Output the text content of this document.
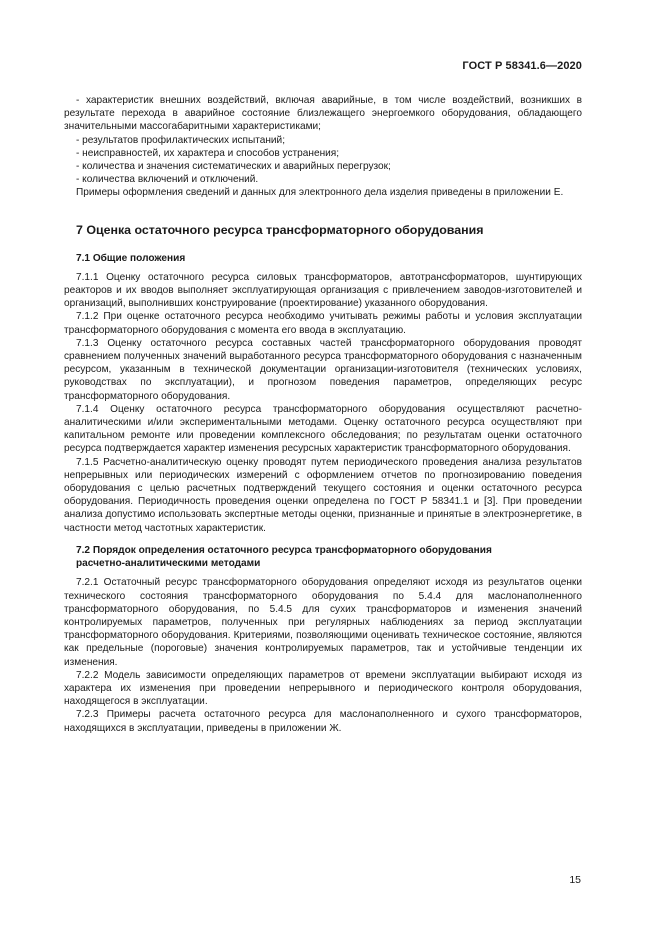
ГОСТ Р 58341.6—2020

- характеристик внешних воздействий, включая аварийные, в том числе воздействий, возникших в результате перехода в аварийное состояние близлежащего энергоемкого оборудования, обладающего значительными массогабаритными характеристиками;

- результатов профилактических испытаний;

- неисправностей, их характера и способов устранения;

- количества и значения систематических и аварийных перегрузок;

- количества включений и отключений.

Примеры оформления сведений и данных для электронного дела изделия приведены в приложении Е.

7 Оценка остаточного ресурса трансформаторного оборудования
7.1 Общие положения

7.1.1 Оценку остаточного ресурса силовых трансформаторов, автотрансформаторов, шунтирующих реакторов и их вводов выполняет эксплуатирующая организация с привлечением заводов-изготовителей и организаций, выполнивших конструирование (проектирование) указанного оборудования.

7.1.2 При оценке остаточного ресурса необходимо учитывать режимы работы и условия эксплуатации трансформаторного оборудования с момента его ввода в эксплуатацию.

7.1.3 Оценку остаточного ресурса составных частей трансформаторного оборудования проводят сравнением полученных значений выработанного ресурса трансформаторного оборудования с назначенным ресурсом, указанным в технической документации организации-изготовителя (технических условиях, руководствах по эксплуатации), и прогнозом поведения параметров, определяющих ресурс трансформаторного оборудования.

7.1.4 Оценку остаточного ресурса трансформаторного оборудования осуществляют расчетно-аналитическими и/или экспериментальными методами. Оценку остаточного ресурса осуществляют при капитальном ремонте или проведении комплексного обследования; по результатам оценки остаточного ресурса подтверждается характер изменения ресурсных характеристик трансформаторного оборудования.

7.1.5 Расчетно-аналитическую оценку проводят путем периодического проведения анализа результатов непрерывных или периодических измерений с оформлением отчетов по прогнозированию поведения оборудования с целью расчетных подтверждений текущего состояния и оценки остаточного ресурса оборудования. Периодичность проведения оценки определена по ГОСТ Р 58341.1 и [3]. При проведении анализа допустимо использовать экспертные методы оценки, признанные и принятые в электроэнергетике, в частности метод частотных характеристик.

7.2 Порядок определения остаточного ресурса трансформаторного оборудования
расчетно-аналитическими методами

7.2.1 Остаточный ресурс трансформаторного оборудования определяют исходя из результатов оценки технического состояния трансформаторного оборудования по 5.4.4 для маслонаполненного трансформаторного оборудования, по 5.4.5 для сухих трансформаторов и изменения значений контролируемых параметров, полученных при регулярных наблюдениях за период эксплуатации трансформаторного оборудования. Критериями, позволяющими оценивать техническое состояние, являются как предельные (пороговые) значения контролируемых параметров, так и устойчивые тенденции их изменения.

7.2.2 Модель зависимости определяющих параметров от времени эксплуатации выбирают исходя из характера их изменения при проведении непрерывного и периодического контроля оборудования, находящегося в эксплуатации.

7.2.3 Примеры расчета остаточного ресурса для маслонаполненного и сухого трансформаторов, находящихся в эксплуатации, приведены в приложении Ж.

15
